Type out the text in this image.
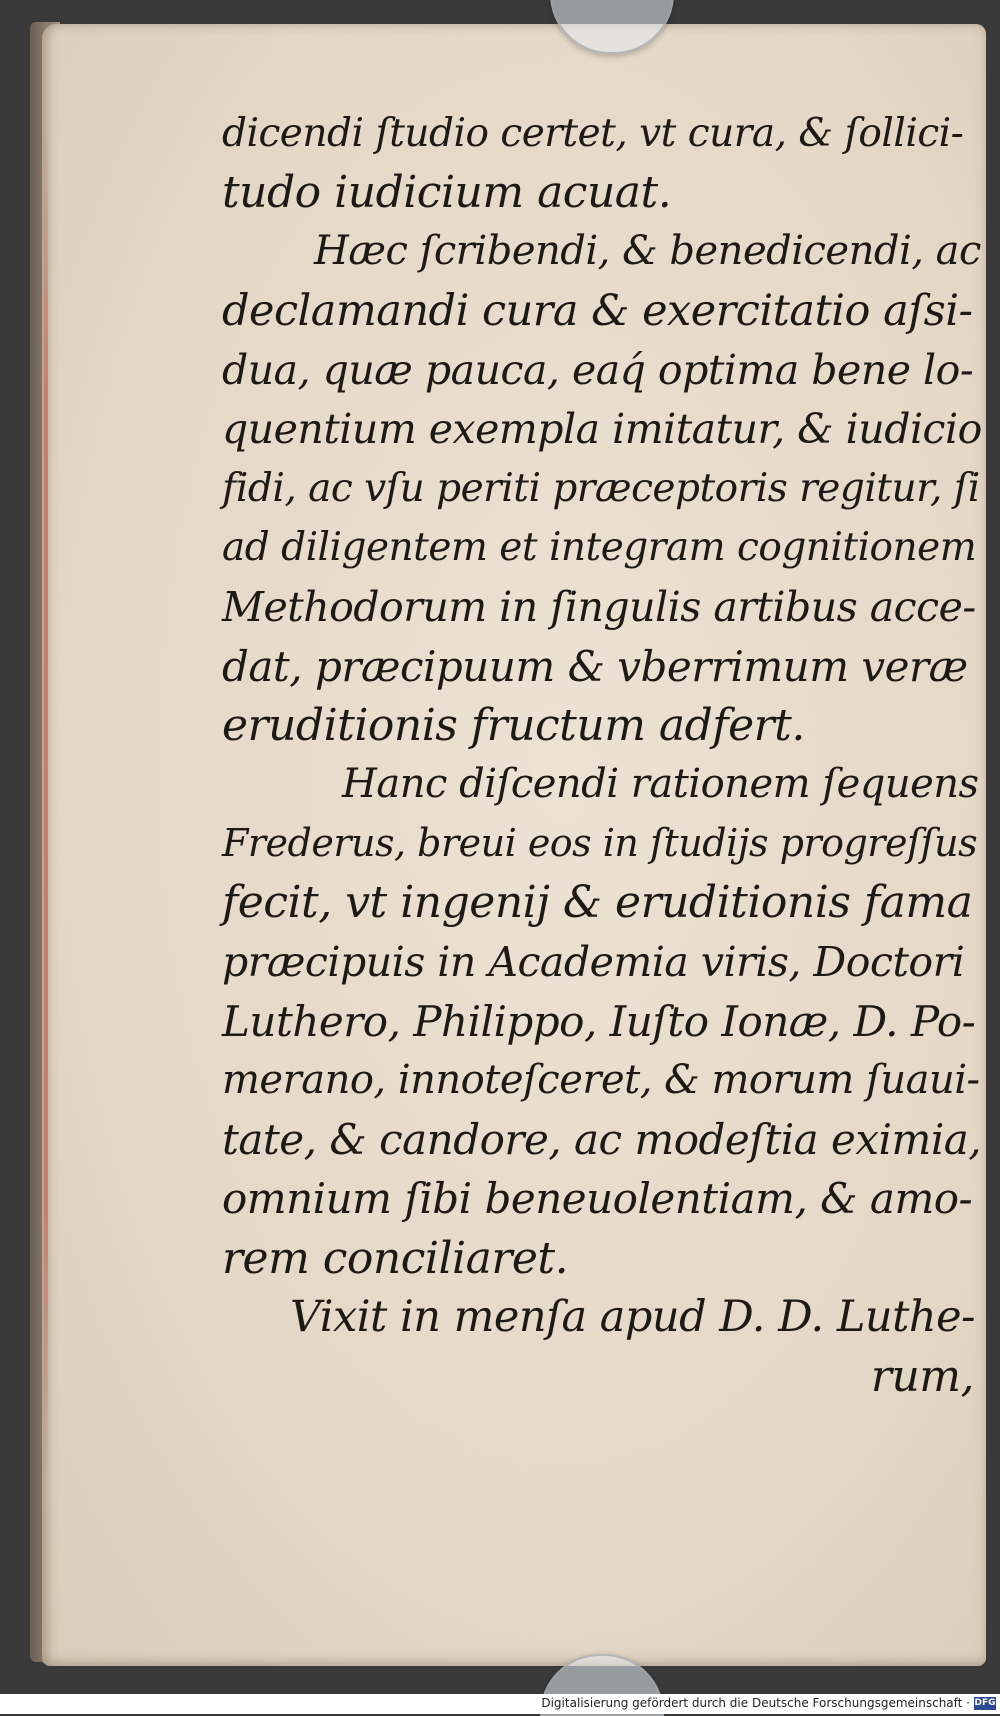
dicendi ſtudio certet, vt cura, & ſollici-
tudo iudicium acuat.
Hæc ſcribendi, & benedicendi, ac
declamandi cura & exercitatio aſsi-
dua, quæ pauca, eaq́ optima bene lo-
quentium exempla imitatur, & iudicio
fidi, ac vſu periti præceptoris regitur, ſi
ad diligentem et integram cognitionem
Methodorum in ſingulis artibus acce-
dat, præcipuum & vberrimum veræ
eruditionis fructum adfert.
Hanc diſcendi rationem ſequens
Frederus, breui eos in ſtudijs progreſſus
fecit, vt ingenij & eruditionis fama
præcipuis in Academia viris, Doctori
Luthero, Philippo, Iuſto Ionæ, D. Po-
merano, innoteſceret, & morum ſuaui-
tate, & candore, ac modeſtia eximia,
omnium ſibi beneuolentiam, & amo-
rem conciliaret.
Vixit in menſa apud D. D. Luthe-
rum,
Digitalisierung gefördert durch die Deutsche Forschungsgemeinschaft · DFG
